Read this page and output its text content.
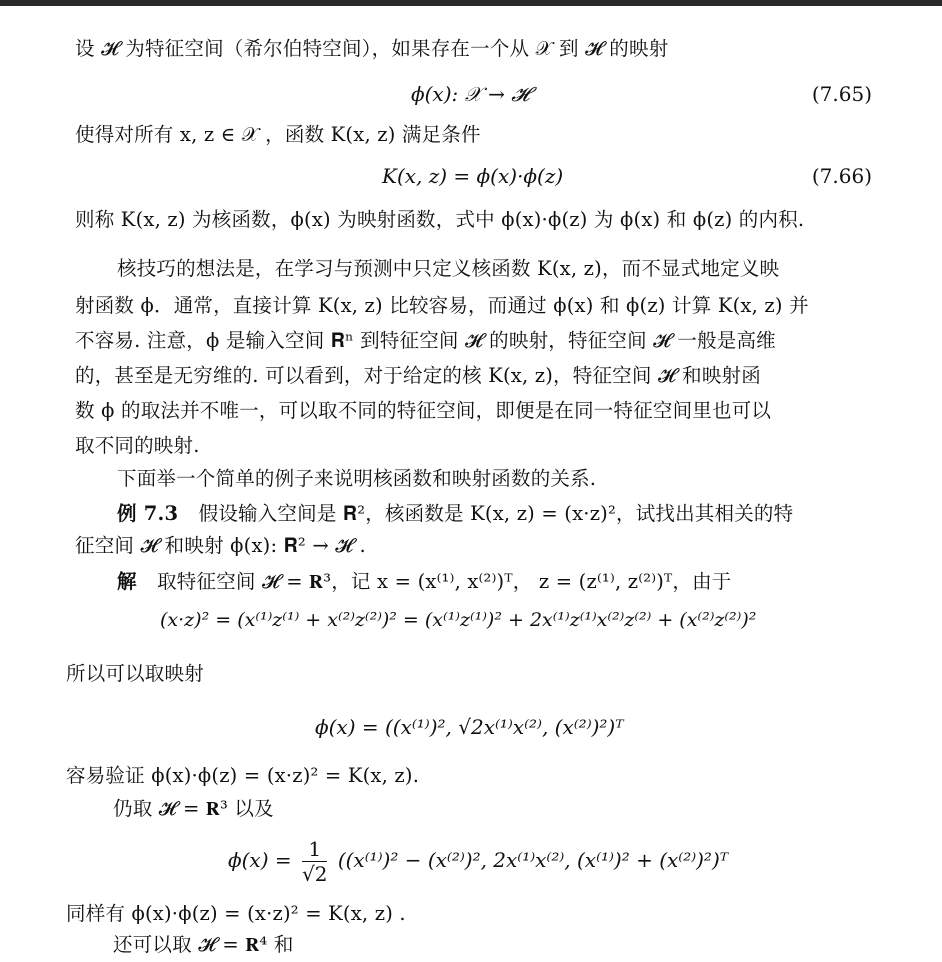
设 𝓗 为特征空间（希尔伯特空间），如果存在一个从 𝒳 到 𝓗 的映射
ϕ(x): 𝒳 → 𝓗	(7.65)
使得对所有 x, z ∈ 𝒳 ，函数 K(x, z) 满足条件
K(x, z) = ϕ(x)·ϕ(z)	(7.66)
则称 K(x, z) 为核函数，ϕ(x) 为映射函数，式中 ϕ(x)·ϕ(z) 为 ϕ(x) 和 ϕ(z) 的内积.
核技巧的想法是，在学习与预测中只定义核函数 K(x, z)，而不显式地定义映
射函数 ϕ．通常，直接计算 K(x, z) 比较容易，而通过 ϕ(x) 和 ϕ(z) 计算 K(x, z) 并
不容易. 注意，ϕ 是输入空间 𝐑ⁿ 到特征空间 𝓗 的映射，特征空间 𝓗 一般是高维
的，甚至是无穷维的. 可以看到，对于给定的核 K(x, z)，特征空间 𝓗 和映射函
数 ϕ 的取法并不唯一，可以取不同的特征空间，即便是在同一特征空间里也可以
取不同的映射.
下面举一个简单的例子来说明核函数和映射函数的关系.
例 7.3 假设输入空间是 𝐑²，核函数是 K(x, z) = (x·z)²，试找出其相关的特
征空间 𝓗 和映射 ϕ(x): 𝐑² → 𝓗 .
解 取特征空间 𝓗 = 𝐑³，记 x = (x⁽¹⁾, x⁽²⁾)ᵀ， z = (z⁽¹⁾, z⁽²⁾)ᵀ，由于
(x·z)² = (x⁽¹⁾z⁽¹⁾ + x⁽²⁾z⁽²⁾)² = (x⁽¹⁾z⁽¹⁾)² + 2x⁽¹⁾z⁽¹⁾x⁽²⁾z⁽²⁾ + (x⁽²⁾z⁽²⁾)²
所以可以取映射
ϕ(x) = ((x⁽¹⁾)², √2x⁽¹⁾x⁽²⁾, (x⁽²⁾)²)ᵀ
容易验证 ϕ(x)·ϕ(z) = (x·z)² = K(x, z).
仍取 𝓗 = 𝐑³ 以及
$\phi(x) = \frac{1}{√2} ((x^{(1)})^2 - (x^{(2)})^2$, 2x⁽¹⁾x⁽²⁾, (x⁽¹⁾)² + (x⁽²⁾)²)ᵀ
同样有 ϕ(x)·ϕ(z) = (x·z)² = K(x, z) .
还可以取 𝓗 = 𝐑⁴ 和
